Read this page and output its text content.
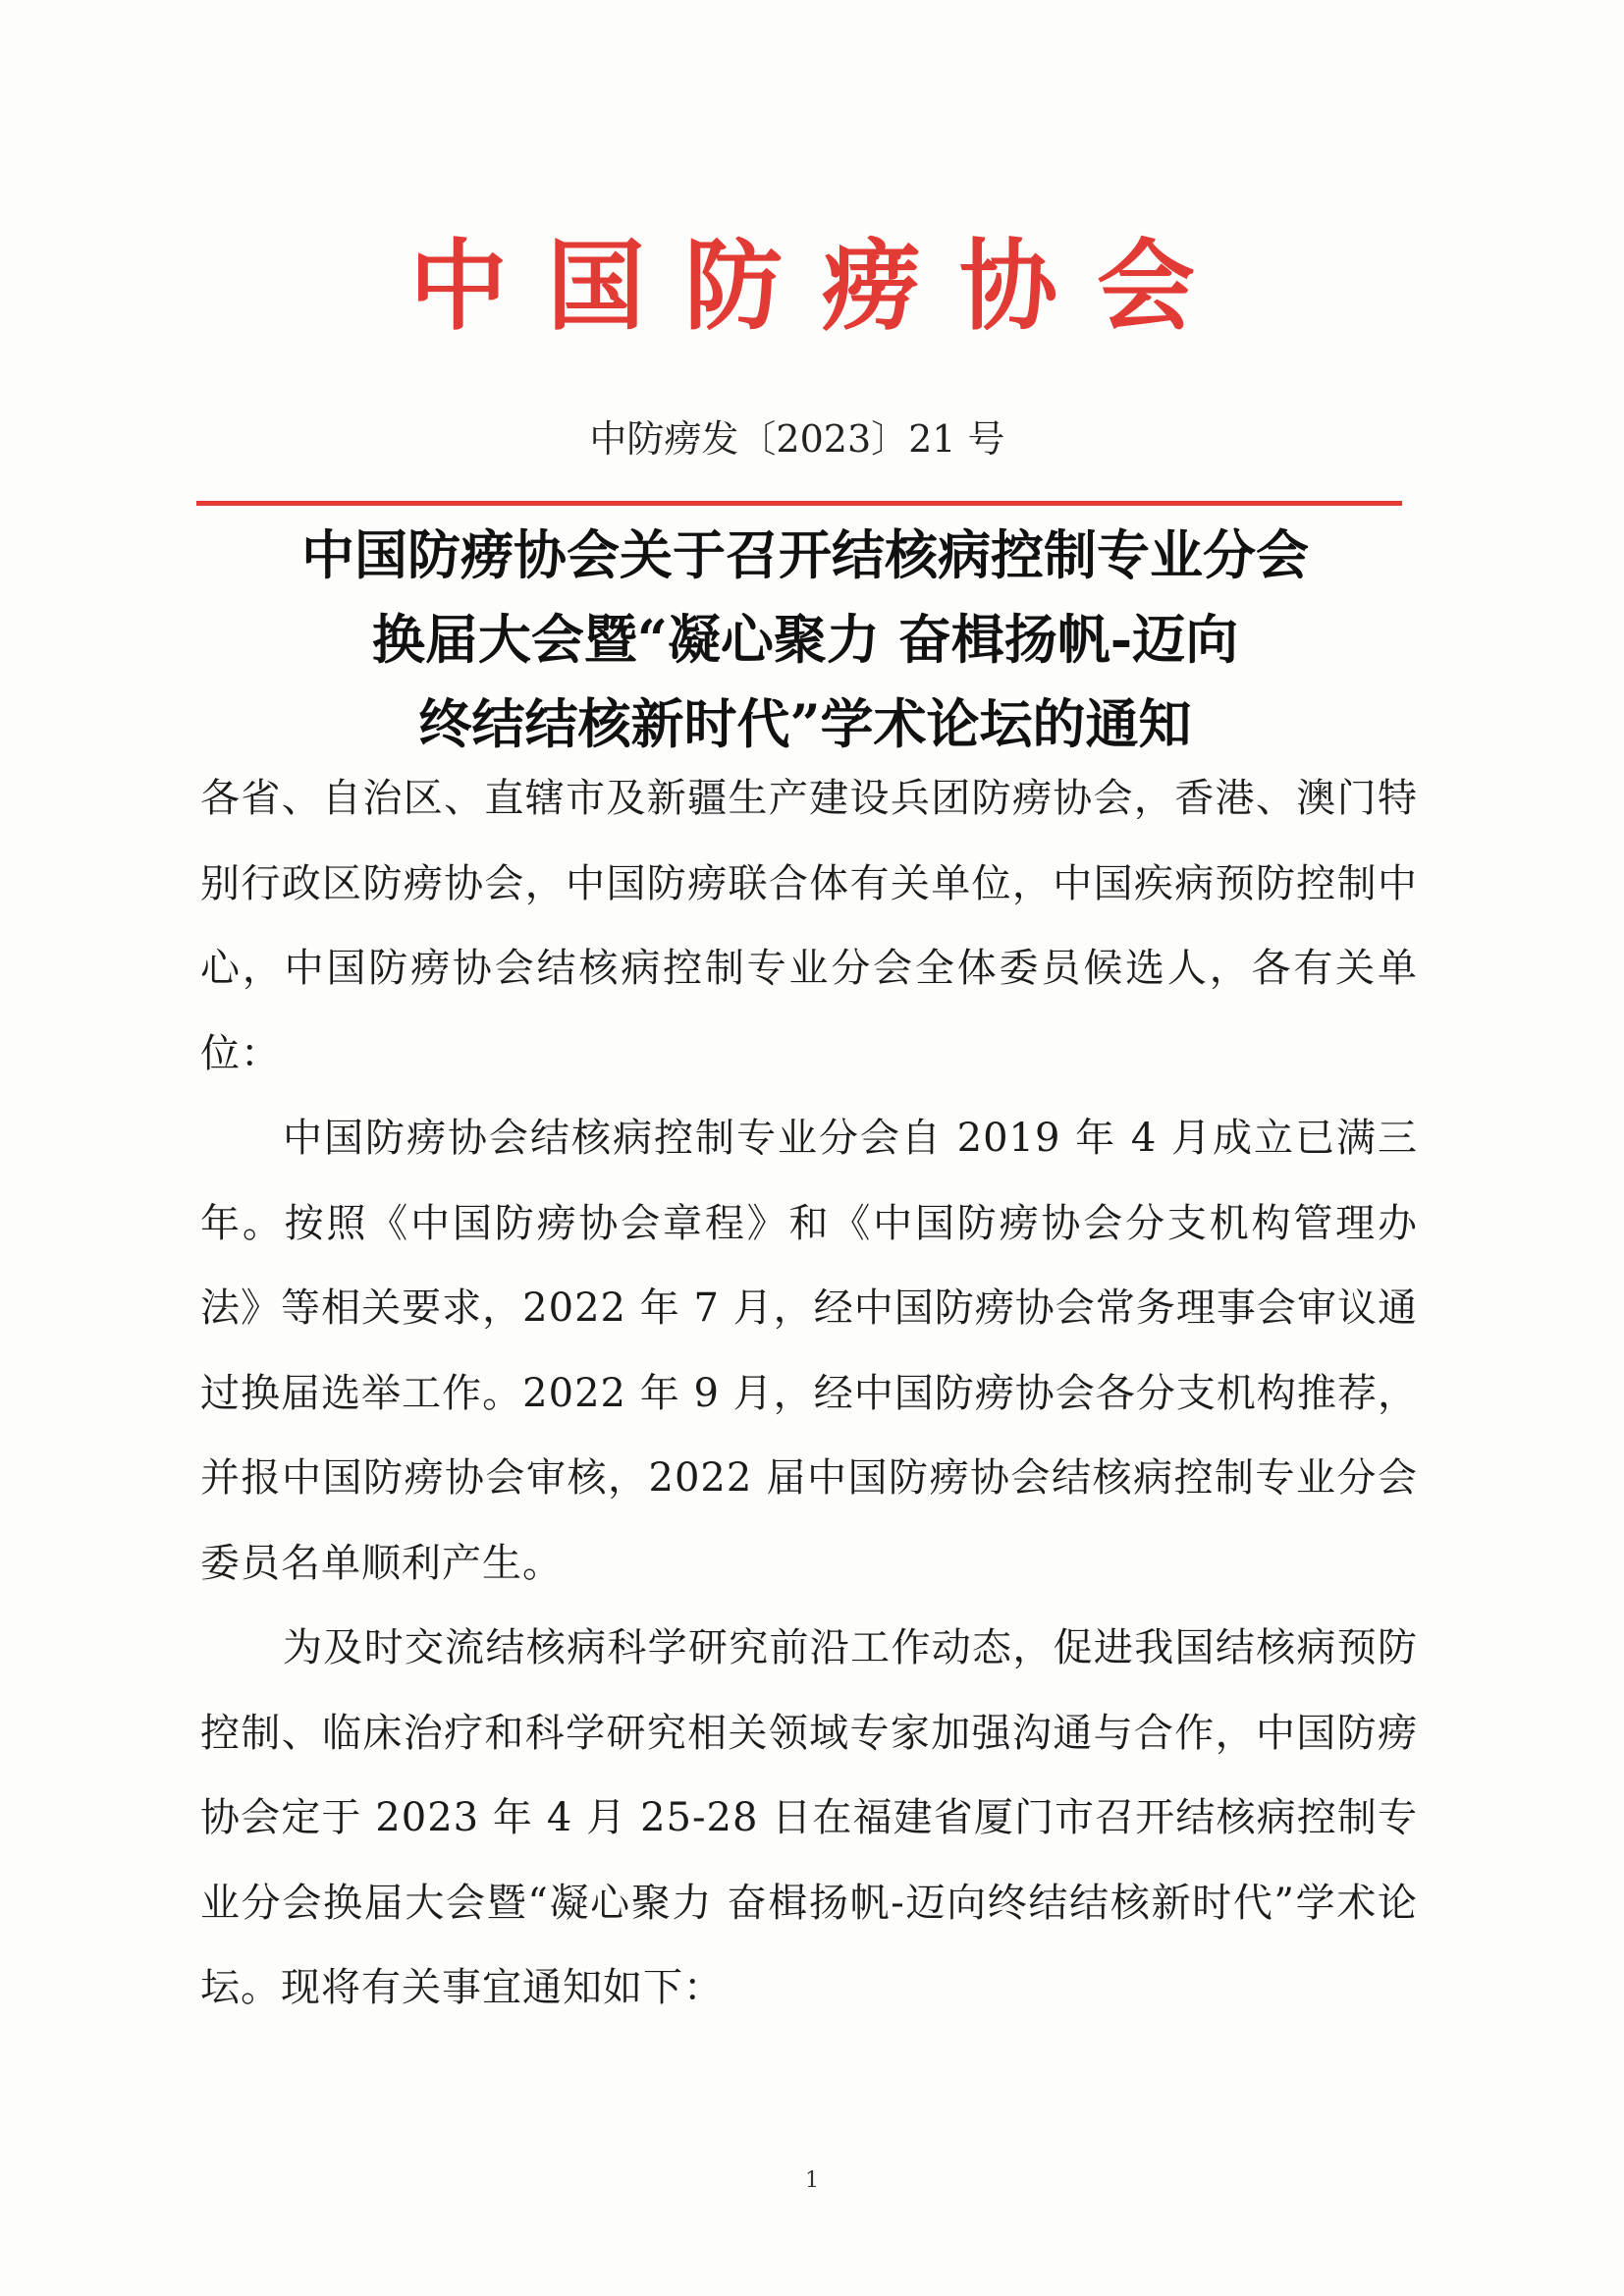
中国防痨协会
中防痨发〔2023〕21 号
中国防痨协会关于召开结核病控制专业分会
换届大会暨“凝心聚力 奋楫扬帆-迈向
终结结核新时代”学术论坛的通知

各省、自治区、直辖市及新疆生产建设兵团防痨协会，香港、澳门特别行政区防痨协会，中国防痨联合体有关单位，中国疾病预防控制中心，中国防痨协会结核病控制专业分会全体委员候选人，各有关单位：

中国防痨协会结核病控制专业分会自 2019 年 4 月成立已满三年。按照《中国防痨协会章程》和《中国防痨协会分支机构管理办法》等相关要求，2022 年 7 月，经中国防痨协会常务理事会审议通过换届选举工作。2022 年 9 月，经中国防痨协会各分支机构推荐，并报中国防痨协会审核，2022 届中国防痨协会结核病控制专业分会委员名单顺利产生。

为及时交流结核病科学研究前沿工作动态，促进我国结核病预防控制、临床治疗和科学研究相关领域专家加强沟通与合作，中国防痨协会定于 2023 年 4 月 25-28 日在福建省厦门市召开结核病控制专业分会换届大会暨“凝心聚力 奋楫扬帆-迈向终结结核新时代”学术论坛。现将有关事宜通知如下：

1
